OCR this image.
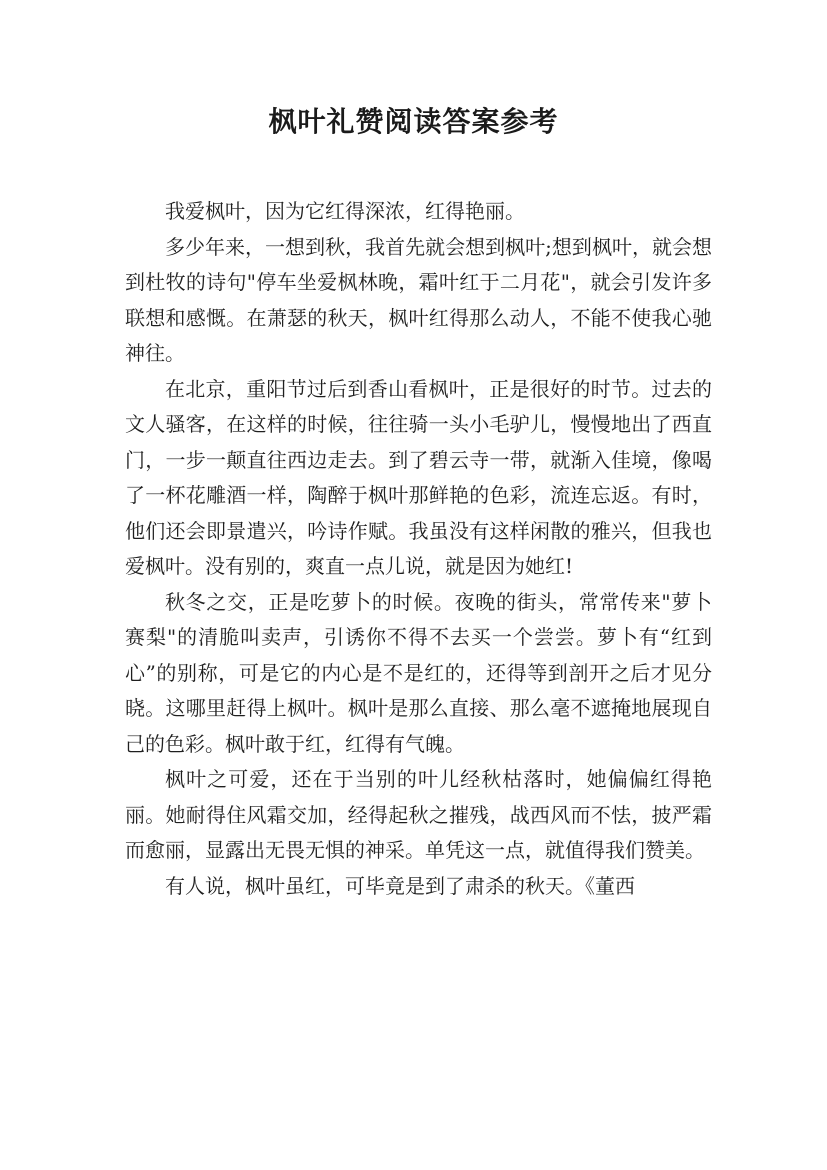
枫叶礼赞阅读答案参考

我爱枫叶，因为它红得深浓，红得艳丽。

多少年来，一想到秋，我首先就会想到枫叶;想到枫叶，就会想到杜牧的诗句"停车坐爱枫林晚，霜叶红于二月花"，就会引发许多联想和感慨。在萧瑟的秋天，枫叶红得那么动人，不能不使我心驰神往。

在北京，重阳节过后到香山看枫叶，正是很好的时节。过去的文人骚客，在这样的时候，往往骑一头小毛驴儿，慢慢地出了西直门，一步一颠直往西边走去。到了碧云寺一带，就渐入佳境，像喝了一杯花雕酒一样，陶醉于枫叶那鲜艳的色彩，流连忘返。有时，他们还会即景遣兴，吟诗作赋。我虽没有这样闲散的雅兴，但我也爱枫叶。没有别的，爽直一点儿说，就是因为她红!

秋冬之交，正是吃萝卜的时候。夜晚的街头，常常传来"萝卜赛梨"的清脆叫卖声，引诱你不得不去买一个尝尝。萝卜有“红到心”的别称，可是它的内心是不是红的，还得等到剖开之后才见分晓。这哪里赶得上枫叶。枫叶是那么直接、那么毫不遮掩地展现自己的色彩。枫叶敢于红，红得有气魄。

枫叶之可爱，还在于当别的叶儿经秋枯落时，她偏偏红得艳丽。她耐得住风霜交加，经得起秋之摧残，战西风而不怯，披严霜而愈丽，显露出无畏无惧的神采。单凭这一点，就值得我们赞美。

有人说，枫叶虽红，可毕竟是到了肃杀的秋天。《董西
